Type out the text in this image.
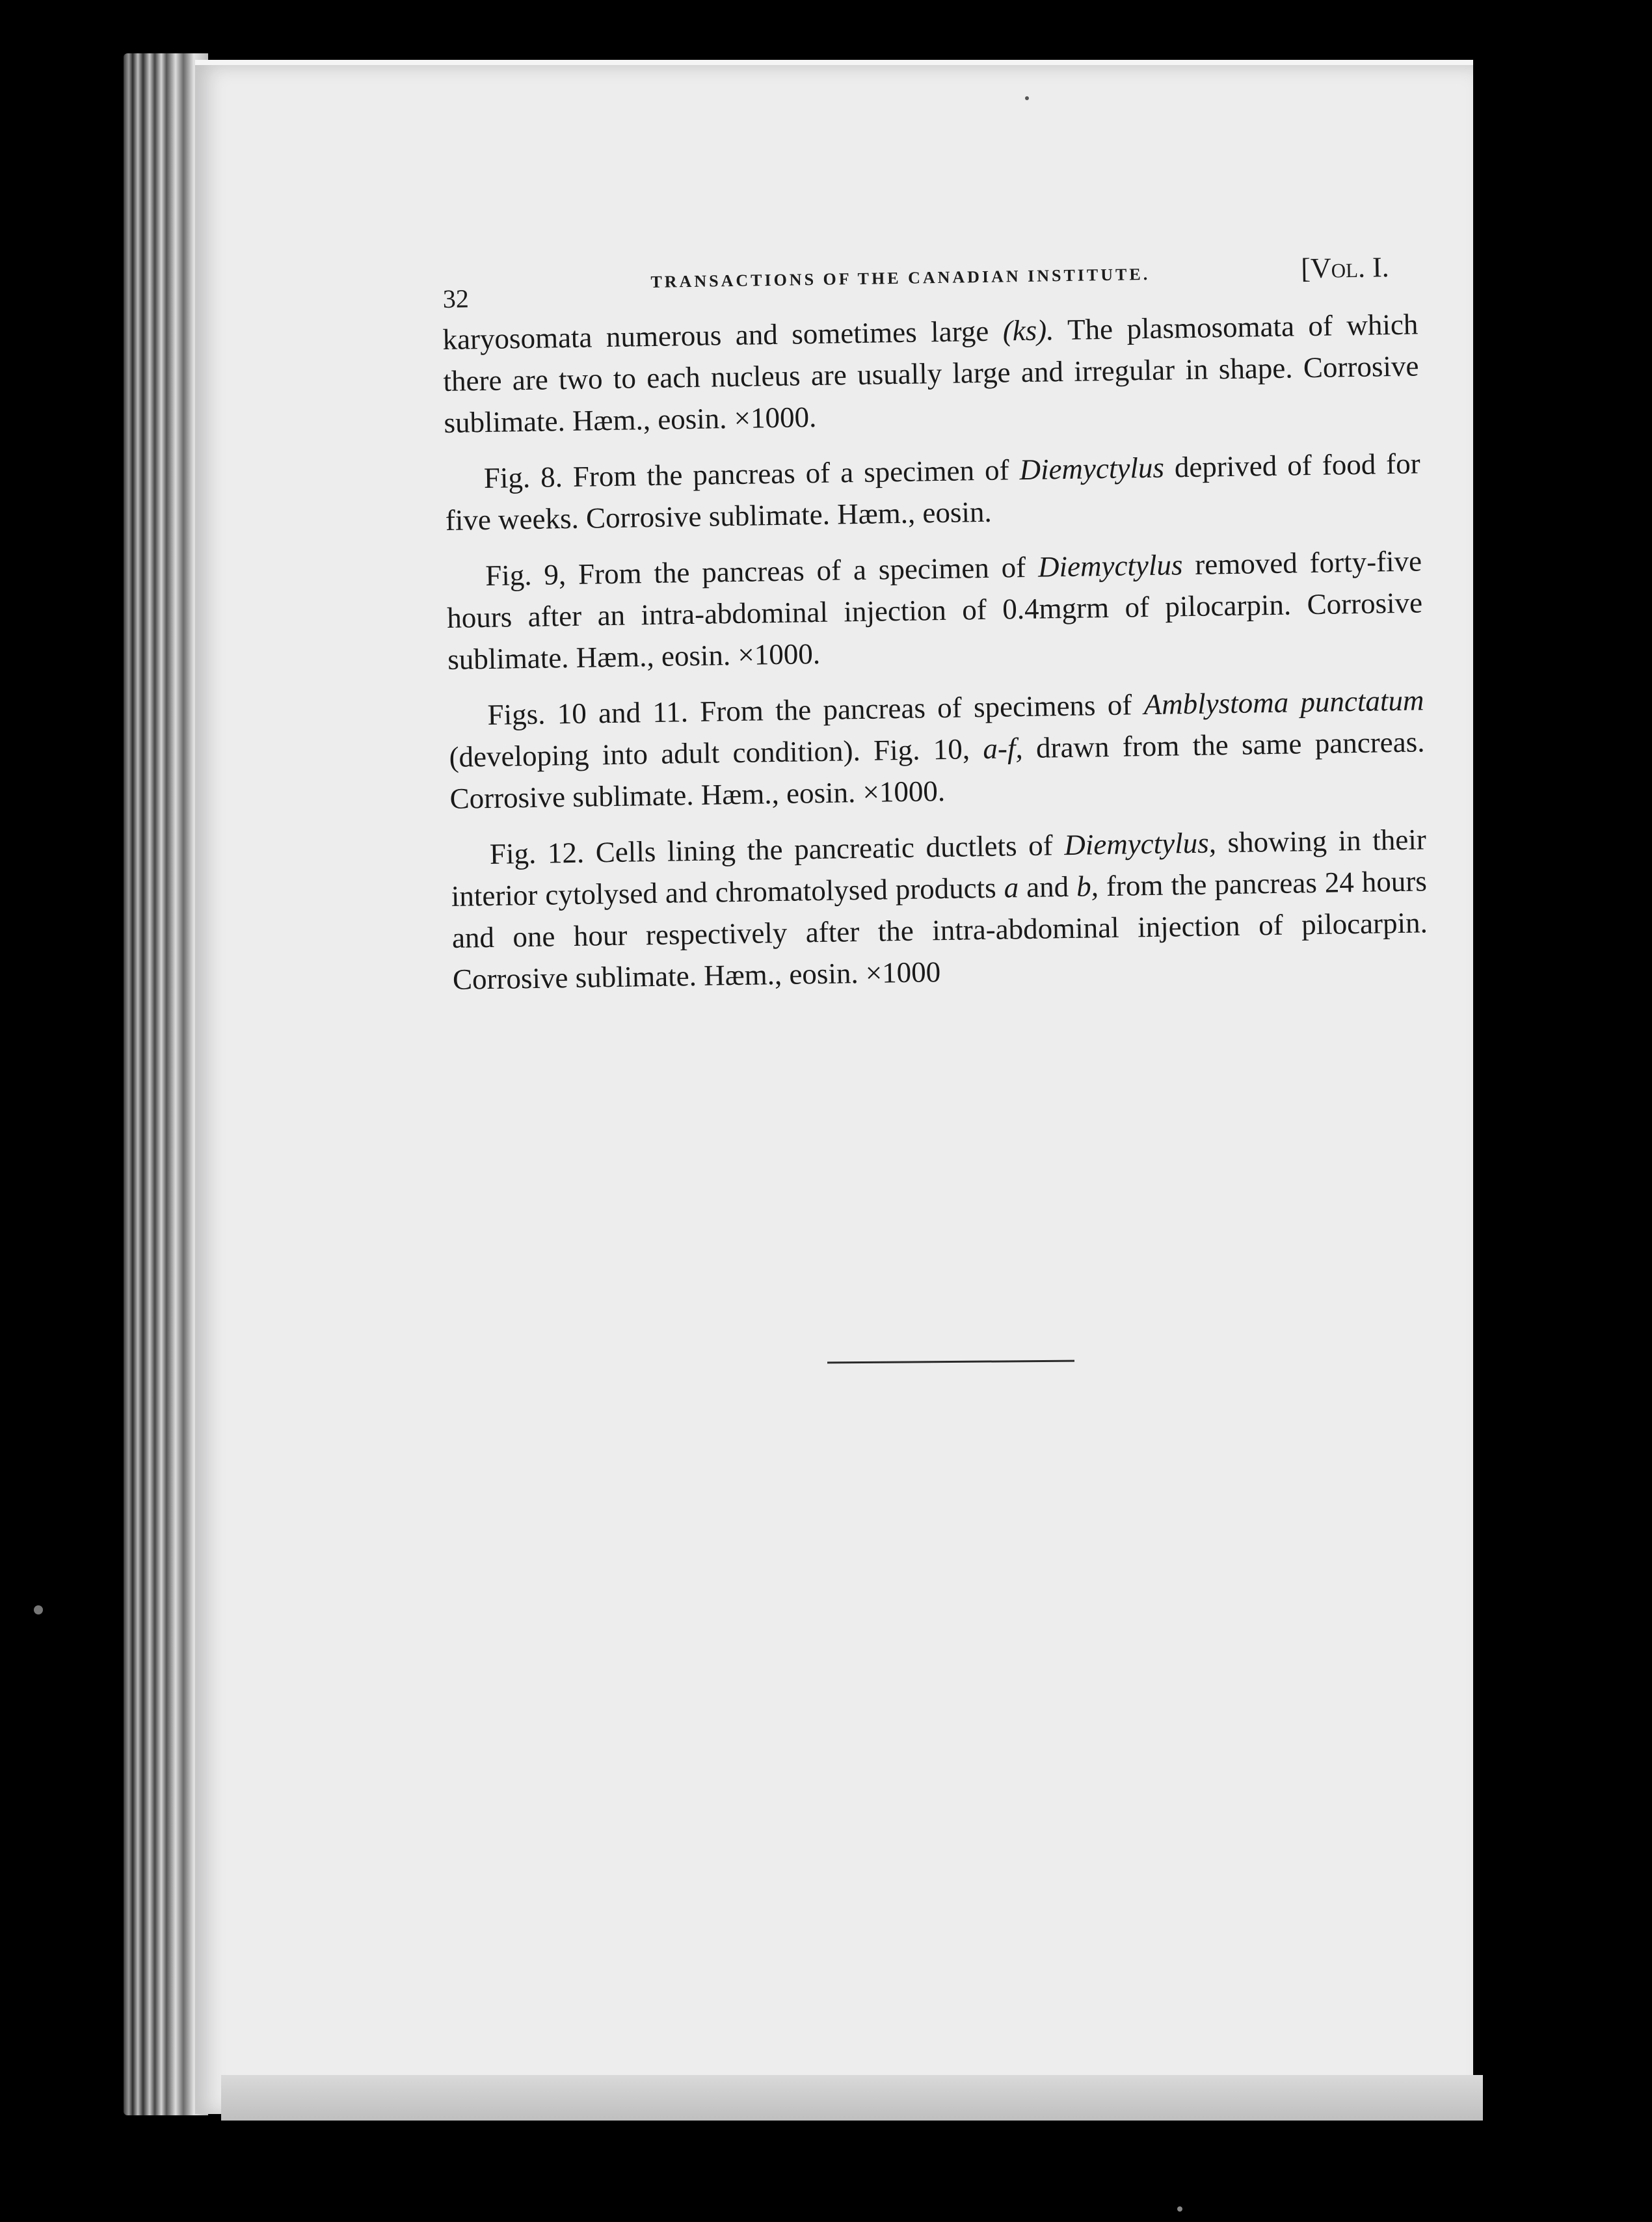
32
TRANSACTIONS OF THE CANADIAN INSTITUTE.	[Vol. I.

karyosomata numerous and sometimes large (ks). The plasmosomata of which there are two to each nucleus are usually large and irregular in shape. Corrosive sublimate. Hæm., eosin. ×1000.

Fig. 8. From the pancreas of a specimen of Diemyctylus deprived of food for five weeks. Corrosive sublimate. Hæm., eosin.

Fig. 9, From the pancreas of a specimen of Diemyctylus removed forty-five hours after an intra-abdominal injection of 0.4mgrm of pilocarpin. Corrosive sublimate. Hæm., eosin. ×1000.

Figs. 10 and 11. From the pancreas of specimens of Amblystoma punctatum (developing into adult condition). Fig. 10, a-f, drawn from the same pancreas. Corrosive sublimate. Hæm., eosin. ×1000.

Fig. 12. Cells lining the pancreatic ductlets of Diemyctylus, showing in their interior cytolysed and chromatolysed products a and b, from the pancreas 24 hours and one hour respectively after the intra-abdominal injection of pilocarpin. Corrosive sublimate. Hæm., eosin. ×1000
